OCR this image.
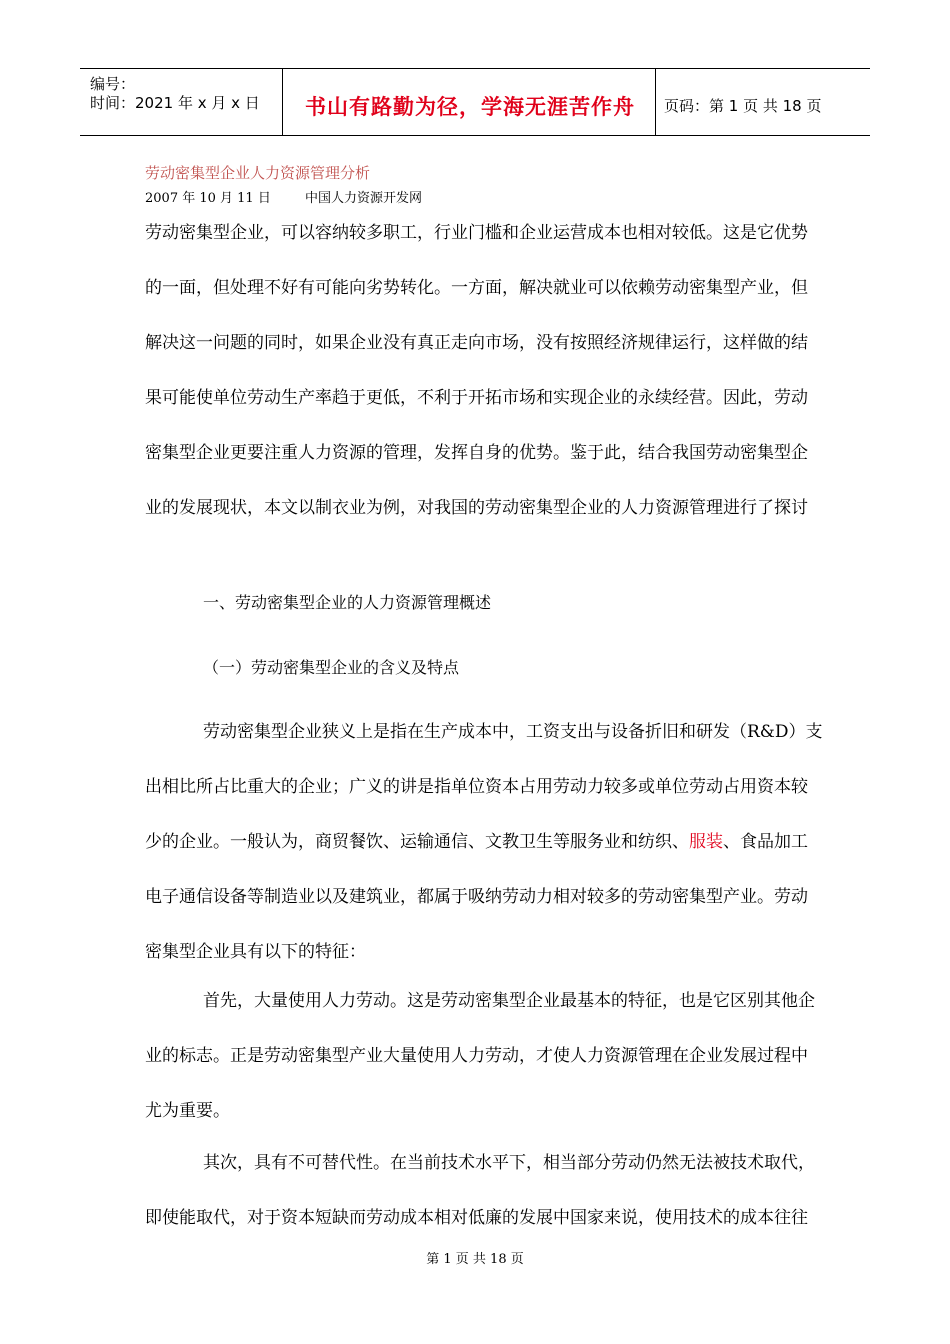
编号：
时间：2021 年 x 月 x 日 书山有路勤为径，学海无涯苦作舟 页码：第 1 页 共 18 页
劳动密集型企业人力资源管理分析
2007 年 10 月 11 日	中国人力资源开发网
劳动密集型企业，可以容纳较多职工，行业门槛和企业运营成本也相对较低。这是它优势
的一面，但处理不好有可能向劣势转化。一方面，解决就业可以依赖劳动密集型产业，但
解决这一问题的同时，如果企业没有真正走向市场，没有按照经济规律运行，这样做的结
果可能使单位劳动生产率趋于更低，不利于开拓市场和实现企业的永续经营。因此，劳动
密集型企业更要注重人力资源的管理，发挥自身的优势。鉴于此，结合我国劳动密集型企
业的发展现状，本文以制衣业为例，对我国的劳动密集型企业的人力资源管理进行了探讨
一、劳动密集型企业的人力资源管理概述
（一）劳动密集型企业的含义及特点
劳动密集型企业狭义上是指在生产成本中，工资支出与设备折旧和研发（R&D）支
出相比所占比重大的企业；广义的讲是指单位资本占用劳动力较多或单位劳动占用资本较
少的企业。一般认为，商贸餐饮、运输通信、文教卫生等服务业和纺织、服装、食品加工
电子通信设备等制造业以及建筑业，都属于吸纳劳动力相对较多的劳动密集型产业。劳动
密集型企业具有以下的特征：
首先，大量使用人力劳动。这是劳动密集型企业最基本的特征，也是它区别其他企
业的标志。正是劳动密集型产业大量使用人力劳动，才使人力资源管理在企业发展过程中
尤为重要。
其次，具有不可替代性。在当前技术水平下，相当部分劳动仍然无法被技术取代，
即使能取代，对于资本短缺而劳动成本相对低廉的发展中国家来说，使用技术的成本往往
第 1 页 共 18 页
